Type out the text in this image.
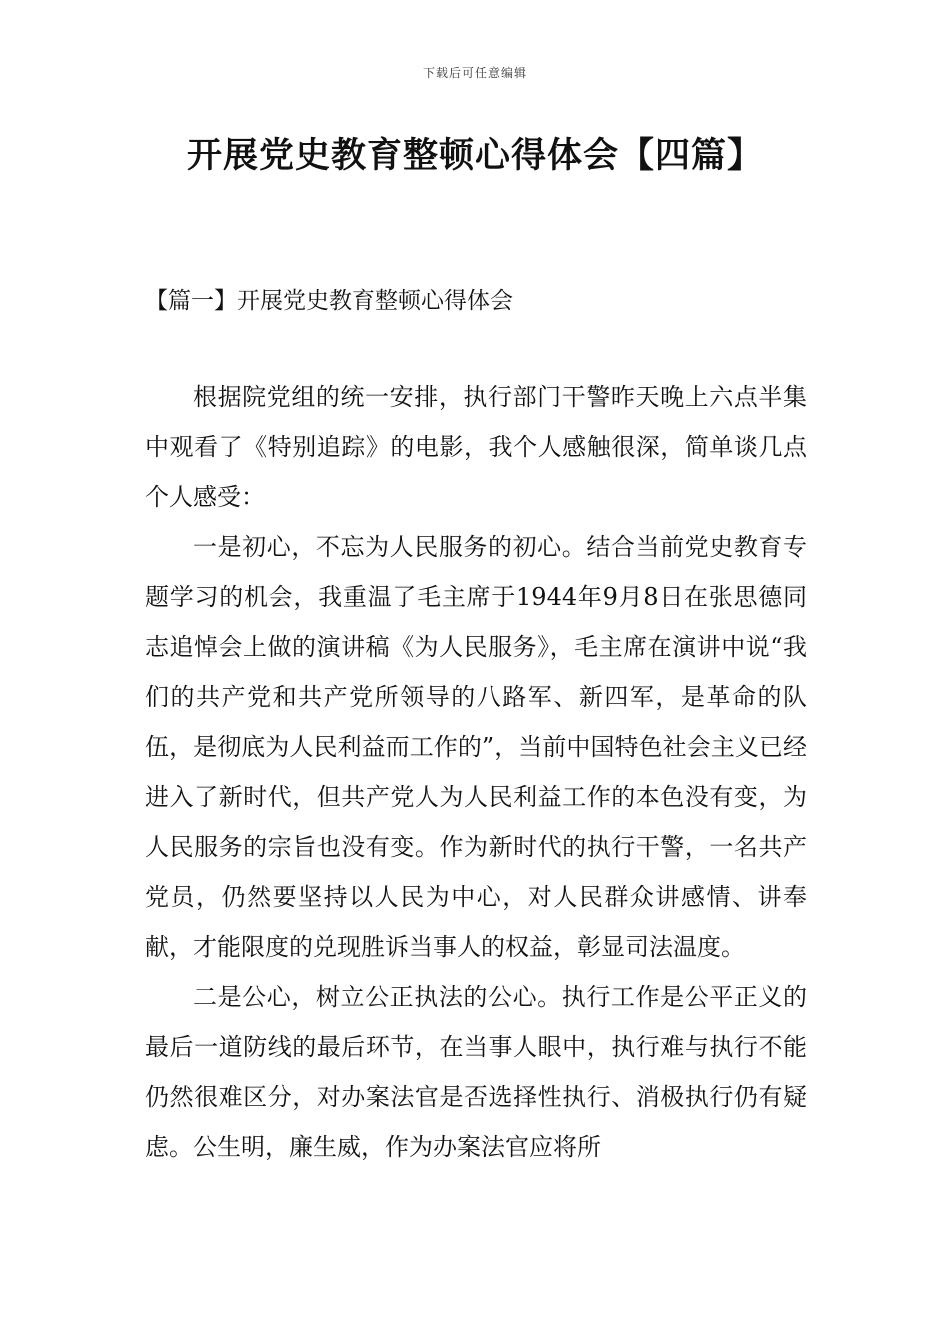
下载后可任意编辑
开展党史教育整顿心得体会【四篇】
【篇一】开展党史教育整顿心得体会

根据院党组的统一安排，执行部门干警昨天晚上六点半集中观看了《特别追踪》的电影，我个人感触很深，简单谈几点个人感受：

一是初心，不忘为人民服务的初心。结合当前党史教育专题学习的机会，我重温了毛主席于1944年9月8日在张思德同志追悼会上做的演讲稿《为人民服务》，毛主席在演讲中说“我们的共产党和共产党所领导的八路军、新四军，是革命的队伍，是彻底为人民利益而工作的”，当前中国特色社会主义已经进入了新时代，但共产党人为人民利益工作的本色没有变，为人民服务的宗旨也没有变。作为新时代的执行干警，一名共产党员，仍然要坚持以人民为中心，对人民群众讲感情、讲奉献，才能限度的兑现胜诉当事人的权益，彰显司法温度。

二是公心，树立公正执法的公心。执行工作是公平正义的最后一道防线的最后环节，在当事人眼中，执行难与执行不能仍然很难区分，对办案法官是否选择性执行、消极执行仍有疑虑。公生明，廉生威，作为办案法官应将所
